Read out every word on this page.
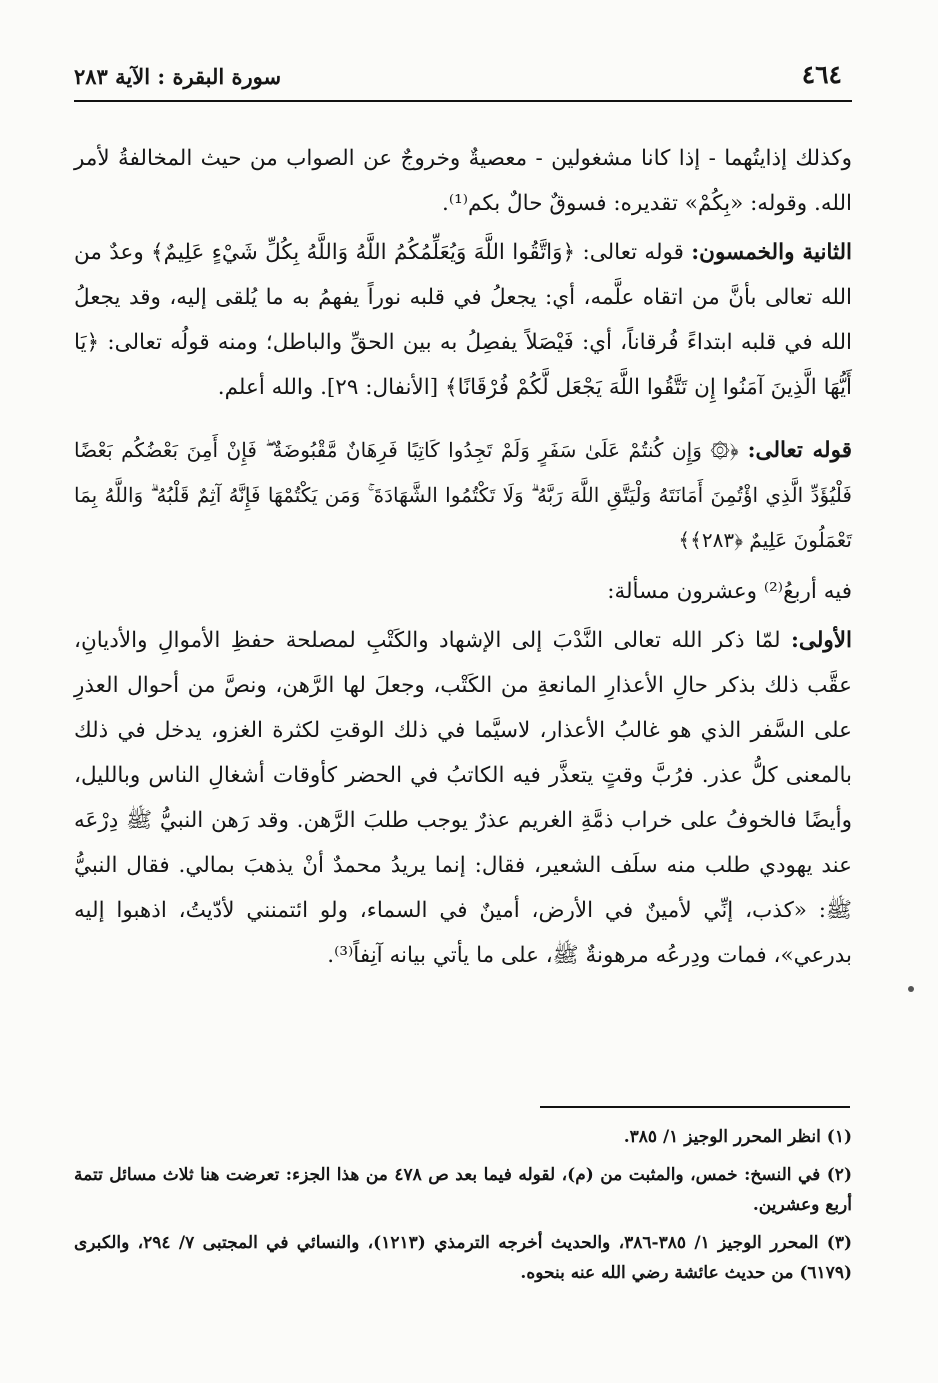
٤٦٤
سورة البقرة : الآية ٢٨٣

وكذلك إذايتُهما - إذا كانا مشغولين - معصيةٌ وخروجٌ عن الصواب من حيث المخالفةُ لأمر الله. وقوله: «بِكُمْ» تقديره: فسوقٌ حالٌ بكم⁽¹⁾.

الثانية والخمسون: قوله تعالى: ﴿وَاتَّقُوا اللَّهَ وَيُعَلِّمُكُمُ اللَّهُ وَاللَّهُ بِكُلِّ شَيْءٍ عَلِيمٌ﴾ وعدٌ من الله تعالى بأنَّ من اتقاه علَّمه، أي: يجعلُ في قلبه نوراً يفهمُ به ما يُلقى إليه، وقد يجعلُ الله في قلبه ابتداءً فُرقاناً، أي: فَيْصَلاً يفصِلُ به بين الحقِّ والباطل؛ ومنه قولُه تعالى: ﴿يَا أَيُّهَا الَّذِينَ آمَنُوا إِن تَتَّقُوا اللَّهَ يَجْعَل لَّكُمْ فُرْقَانًا﴾ [الأنفال: ٢٩]. والله أعلم.

قوله تعالى: ﴿۞ وَإِن كُنتُمْ عَلَىٰ سَفَرٍ وَلَمْ تَجِدُوا كَاتِبًا فَرِهَانٌ مَّقْبُوضَةٌ ۖ فَإِنْ أَمِنَ بَعْضُكُم بَعْضًا فَلْيُؤَدِّ الَّذِي اؤْتُمِنَ أَمَانَتَهُ وَلْيَتَّقِ اللَّهَ رَبَّهُ ۗ وَلَا تَكْتُمُوا الشَّهَادَةَ ۚ وَمَن يَكْتُمْهَا فَإِنَّهُ آثِمٌ قَلْبُهُ ۗ وَاللَّهُ بِمَا تَعْمَلُونَ عَلِيمٌ ﴿٢٨٣﴾﴾

فيه أربعُ⁽²⁾ وعشرون مسألة:

الأولى: لمّا ذكر الله تعالى النَّدْبَ إلى الإشهاد والكَتْبِ لمصلحة حفظِ الأموالِ والأديانِ، عقَّب ذلك بذكر حالِ الأعذارِ المانعةِ من الكَتْب، وجعلَ لها الرَّهن، ونصَّ من أحوال العذرِ على السَّفر الذي هو غالبُ الأعذار، لاسيَّما في ذلك الوقتِ لكثرة الغزو، يدخل في ذلك بالمعنى كلُّ عذر. فرُبَّ وقتٍ يتعذَّر فيه الكاتبُ في الحضر كأوقات أشغالِ الناس وبالليل، وأيضًا فالخوفُ على خراب ذمَّةِ الغريم عذرٌ يوجب طلبَ الرَّهن. وقد رَهن النبيُّ ﷺ دِرْعَه عند يهودي طلب منه سلَف الشعير، فقال: إنما يريدُ محمدٌ أنْ يذهبَ بمالي. فقال النبيُّ ﷺ: «كذب، إنِّي لأمينٌ في الأرض، أمينٌ في السماء، ولو ائتمنني لأدّيتُ، اذهبوا إليه بدرعي»، فمات ودِرعُه مرهونةٌ ﷺ، على ما يأتي بيانه آنِفاً⁽³⁾.

(١) انظر المحرر الوجيز ١/ ٣٨٥.

(٢) في النسخ: خمس، والمثبت من (م)، لقوله فيما بعد ص ٤٧٨ من هذا الجزء: تعرضت هنا ثلاث مسائل تتمة أربع وعشرين.

(٣) المحرر الوجيز ١/ ٣٨٥-٣٨٦، والحديث أخرجه الترمذي (١٢١٣)، والنسائي في المجتبى ٧/ ٢٩٤، والكبرى (٦١٧٩) من حديث عائشة رضي الله عنه بنحوه.
